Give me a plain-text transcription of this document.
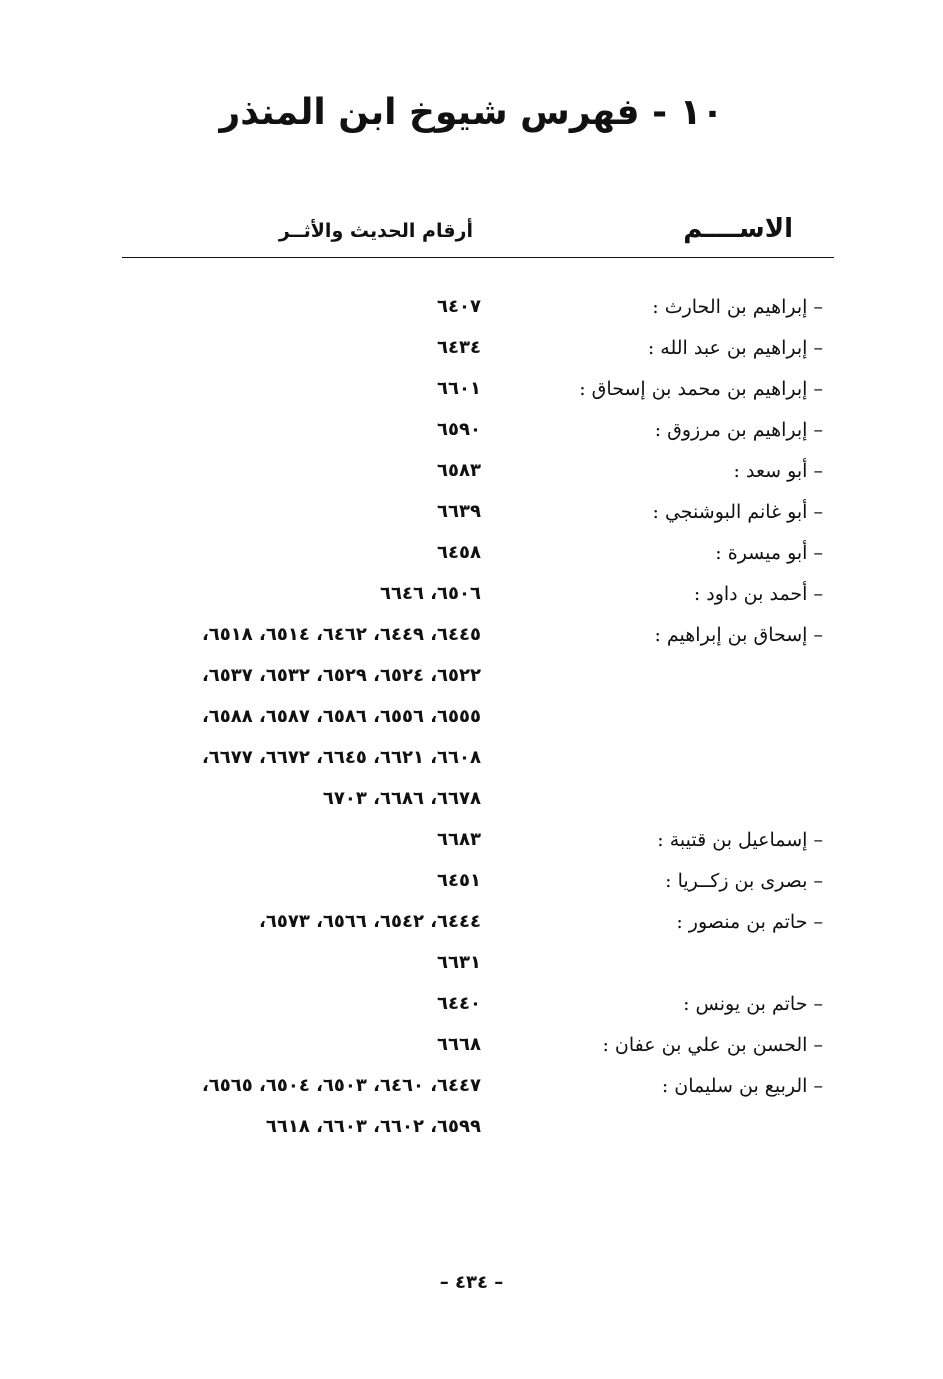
١٠ - فهرس شيوخ ابن المنذر
الاســــم
أرقام الحديث والأثــر
– إبراهيم بن الحارث :
٦٤٠٧
– إبراهيم بن عبد الله :
٦٤٣٤
– إبراهيم بن محمد بن إسحاق :
٦٦٠١
– إبراهيم بن مرزوق :
٦٥٩٠
– أبو سعد :
٦٥٨٣
– أبو غانم البوشنجي :
٦٦٣٩
– أبو ميسرة :
٦٤٥٨
– أحمد بن داود :
٦٥٠٦، ٦٦٤٦
– إسحاق بن إبراهيم :
٦٤٤٥، ٦٤٤٩، ٦٤٦٢، ٦٥١٤، ٦٥١٨،
٦٥٢٢، ٦٥٢٤، ٦٥٢٩، ٦٥٣٢، ٦٥٣٧،
٦٥٥٥، ٦٥٥٦، ٦٥٨٦، ٦٥٨٧، ٦٥٨٨،
٦٦٠٨، ٦٦٢١، ٦٦٤٥، ٦٦٧٢، ٦٦٧٧،
٦٦٧٨، ٦٦٨٦، ٦٧٠٣
– إسماعيل بن قتيبة :
٦٦٨٣
– بصرى بن زكــريا :
٦٤٥١
– حاتم بن منصور :
٦٤٤٤، ٦٥٤٢، ٦٥٦٦، ٦٥٧٣،
٦٦٣١
– حاتم بن يونس :
٦٤٤٠
– الحسن بن علي بن عفان :
٦٦٦٨
– الربيع بن سليمان :
٦٤٤٧، ٦٤٦٠، ٦٥٠٣، ٦٥٠٤، ٦٥٦٥،
٦٥٩٩، ٦٦٠٢، ٦٦٠٣، ٦٦١٨
– ٤٣٤ –
